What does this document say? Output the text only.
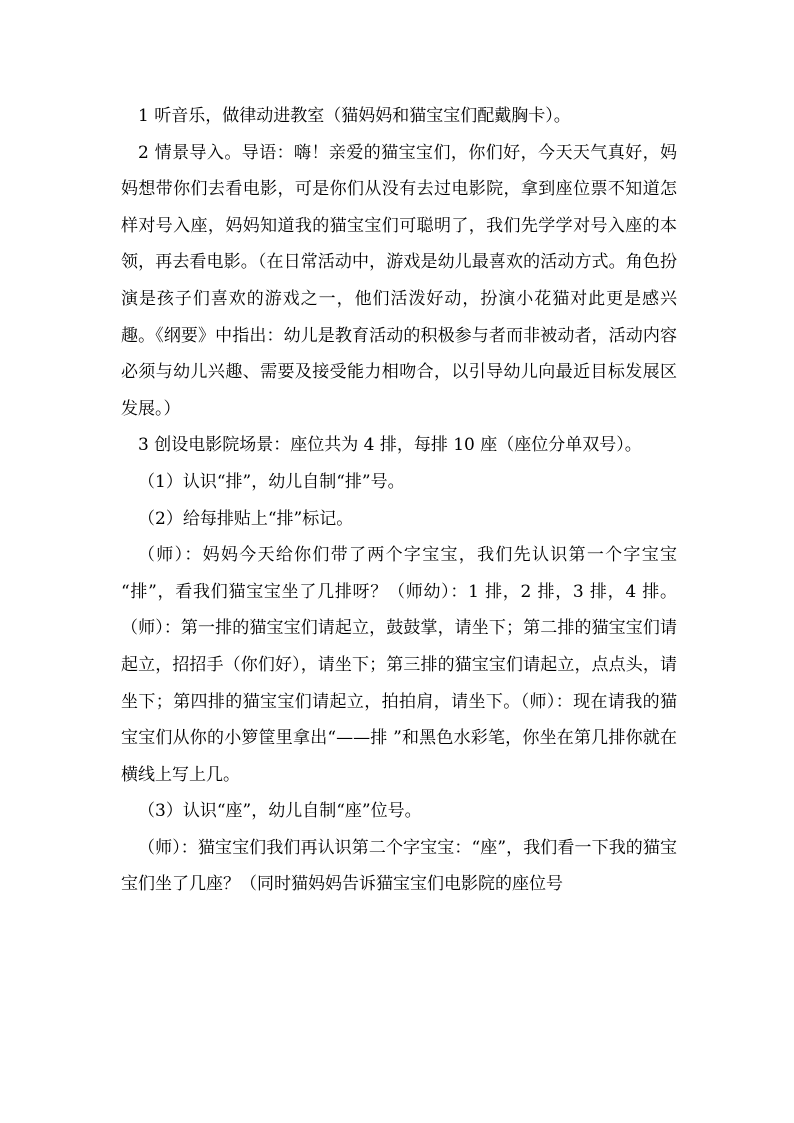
1 听音乐，做律动进教室（猫妈妈和猫宝宝们配戴胸卡）。

2 情景导入。导语：嗨！亲爱的猫宝宝们，你们好，今天天气真好，妈妈想带你们去看电影，可是你们从没有去过电影院，拿到座位票不知道怎样对号入座，妈妈知道我的猫宝宝们可聪明了，我们先学学对号入座的本领，再去看电影。（在日常活动中，游戏是幼儿最喜欢的活动方式。角色扮演是孩子们喜欢的游戏之一，他们活泼好动，扮演小花猫对此更是感兴趣。《纲要》中指出：幼儿是教育活动的积极参与者而非被动者，活动内容必须与幼儿兴趣、需要及接受能力相吻合，以引导幼儿向最近目标发展区发展。）

3 创设电影院场景：座位共为 4 排，每排 10 座（座位分单双号）。

（1）认识“排”，幼儿自制“排”号。

（2）给每排贴上“排”标记。

（师）：妈妈今天给你们带了两个字宝宝，我们先认识第一个字宝宝 “排”，看我们猫宝宝坐了几排呀？（师幼）：1 排，2 排，3 排，4 排。（师）：第一排的猫宝宝们请起立，鼓鼓掌，请坐下；第二排的猫宝宝们请起立，招招手（你们好），请坐下；第三排的猫宝宝们请起立，点点头，请坐下；第四排的猫宝宝们请起立，拍拍肩，请坐下。（师）：现在请我的猫宝宝们从你的小箩筐里拿出“——排 ”和黑色水彩笔，你坐在第几排你就在横线上写上几。

（3）认识“座”，幼儿自制“座”位号。

（师）：猫宝宝们我们再认识第二个字宝宝：“座”，我们看一下我的猫宝宝们坐了几座？（同时猫妈妈告诉猫宝宝们电影院的座位号
